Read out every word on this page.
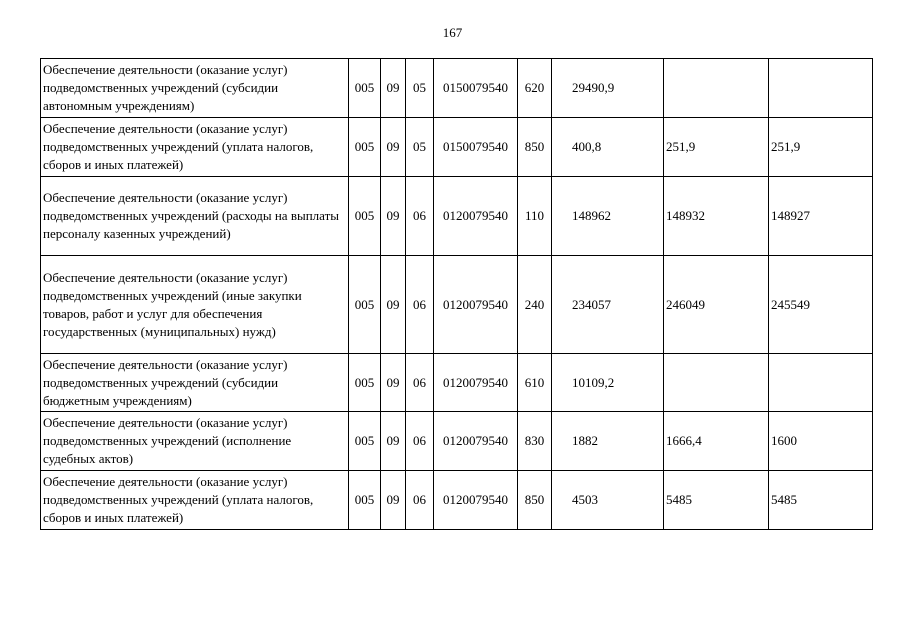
167
Обеспечение деятельности (оказание услуг) подведомственных учреждений (субсидии автономным учреждениям)	005	09	05	0150079540	620	29490,9		
Обеспечение деятельности (оказание услуг) подведомственных учреждений (уплата налогов, сборов и иных платежей)	005	09	05	0150079540	850	400,8	251,9	251,9
Обеспечение деятельности (оказание услуг) подведомственных учреждений (расходы на выплаты персоналу казенных учреждений)	005	09	06	0120079540	110	148962	148932	148927
Обеспечение деятельности (оказание услуг) подведомственных учреждений (иные закупки товаров, работ и услуг для обеспечения государственных (муниципальных) нужд)	005	09	06	0120079540	240	234057	246049	245549
Обеспечение деятельности (оказание услуг) подведомственных учреждений (субсидии бюджетным учреждениям)	005	09	06	0120079540	610	10109,2		
Обеспечение деятельности (оказание услуг) подведомственных учреждений (исполнение судебных актов)	005	09	06	0120079540	830	1882	1666,4	1600
Обеспечение деятельности (оказание услуг) подведомственных учреждений (уплата налогов, сборов и иных платежей)	005	09	06	0120079540	850	4503	5485	5485
